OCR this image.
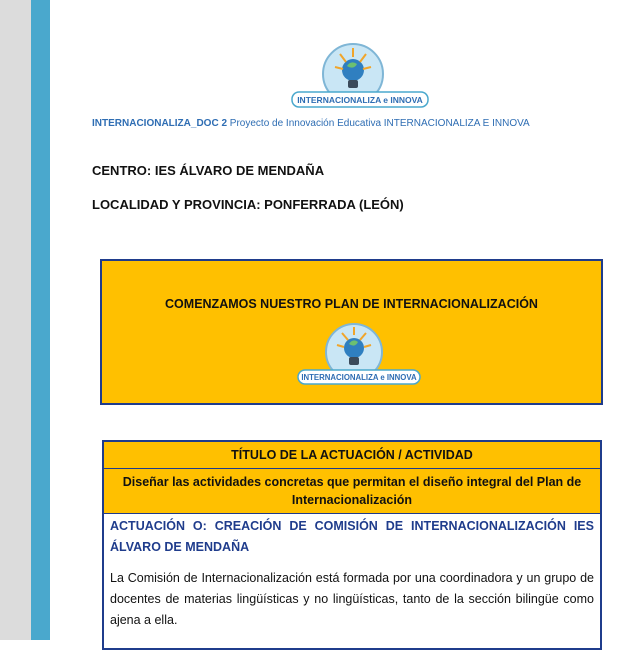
INTERNACIONALIZA e INNOVA
INTERNACIONALIZA_DOC 2 Proyecto de Innovación Educativa INTERNACIONALIZA E INNOVA
CENTRO: IES ÁLVARO DE MENDAÑA
LOCALIDAD Y PROVINCIA: PONFERRADA (LEÓN)
COMENZAMOS NUESTRO PLAN DE INTERNACIONALIZACIÓN
INTERNACIONALIZA e INNOVA
TÍTULO DE LA ACTUACIÓN / ACTIVIDAD
Diseñar las actividades concretas que permitan el diseño integral del Plan de Internacionalización
ACTUACIÓN O: CREACIÓN DE COMISIÓN DE INTERNACIONALIZACIÓN IES ÁLVARO DE MENDAÑA
La Comisión de Internacionalización está formada por una coordinadora y un grupo de docentes de materias lingüísticas y no lingüísticas, tanto de la sección bilingüe como ajena a ella.
